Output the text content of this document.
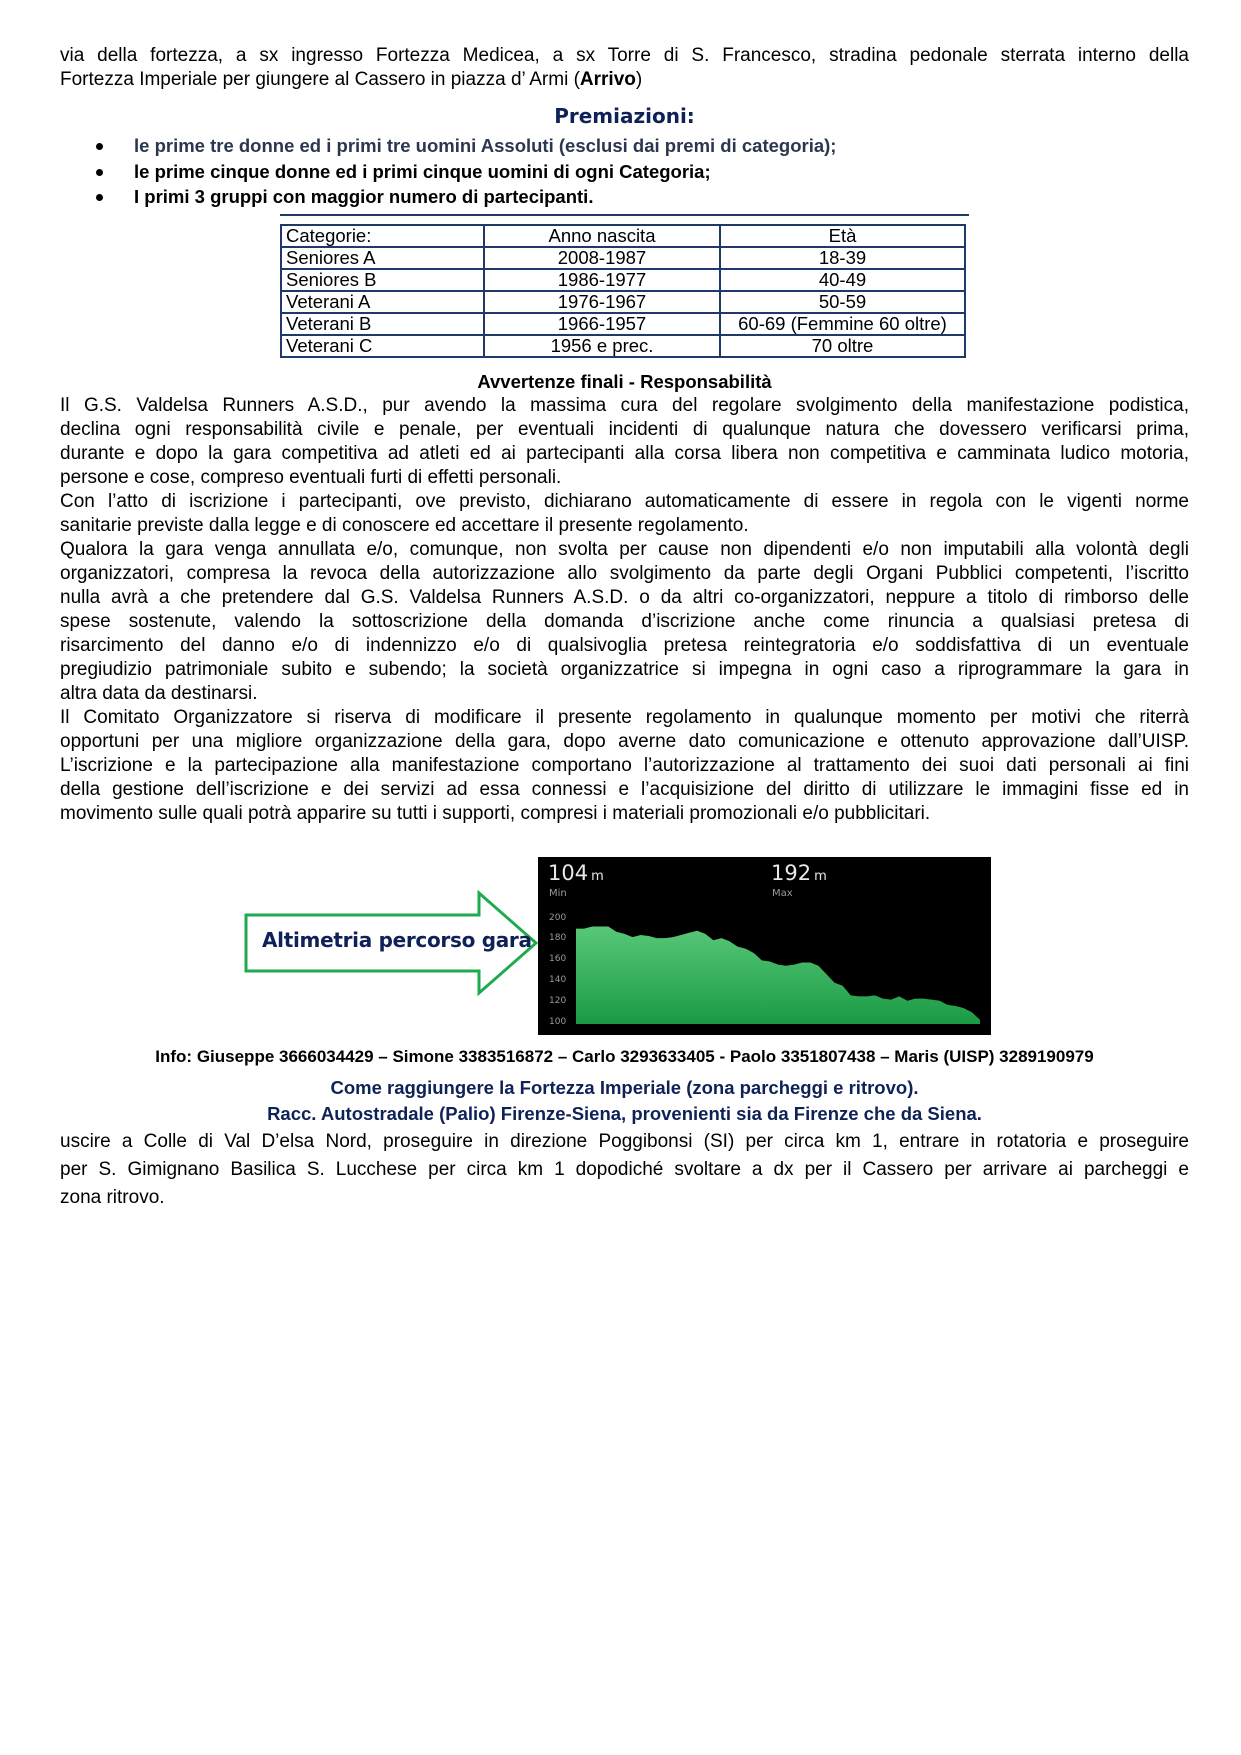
via della fortezza, a sx ingresso Fortezza Medicea, a sx Torre di S. Francesco, stradina pedonale sterrata interno della
Fortezza Imperiale per giungere al Cassero in piazza d’ Armi (Arrivo)
Premiazioni:
le prime tre donne ed i primi tre uomini Assoluti (esclusi dai premi di categoria);
le prime cinque donne ed i primi cinque uomini di ogni Categoria;
I primi 3 gruppi con maggior numero di partecipanti.
Categorie:	Anno nascita	Età
Seniores A	2008-1987	18-39
Seniores B	1986-1977	40-49
Veterani A	1976-1967	50-59
Veterani B	1966-1957	60-69 (Femmine 60 oltre)
Veterani C	1956 e prec.	70 oltre
Avvertenze finali - Responsabilità
Il G.S. Valdelsa Runners A.S.D., pur avendo la massima cura del regolare svolgimento della manifestazione podistica,
declina ogni responsabilità civile e penale, per eventuali incidenti di qualunque natura che dovessero verificarsi prima,
durante e dopo la gara competitiva ad atleti ed ai partecipanti alla corsa libera non competitiva e camminata ludico motoria,
persone e cose, compreso eventuali furti di effetti personali.
Con l’atto di iscrizione i partecipanti, ove previsto, dichiarano automaticamente di essere in regola con le vigenti norme
sanitarie previste dalla legge e di conoscere ed accettare il presente regolamento.
Qualora la gara venga annullata e/o, comunque, non svolta per cause non dipendenti e/o non imputabili alla volontà degli
organizzatori, compresa la revoca della autorizzazione allo svolgimento da parte degli Organi Pubblici competenti, l’iscritto
nulla avrà a che pretendere dal G.S. Valdelsa Runners A.S.D. o da altri co-organizzatori, neppure a titolo di rimborso delle
spese sostenute, valendo la sottoscrizione della domanda d’iscrizione anche come rinuncia a qualsiasi pretesa di
risarcimento del danno e/o di indennizzo e/o di qualsivoglia pretesa reintegratoria e/o soddisfattiva di un eventuale
pregiudizio patrimoniale subito e subendo; la società organizzatrice si impegna in ogni caso a riprogrammare la gara in
altra data da destinarsi.
Il Comitato Organizzatore si riserva di modificare il presente regolamento in qualunque momento per motivi che riterrà
opportuni per una migliore organizzazione della gara, dopo averne dato comunicazione e ottenuto approvazione dall’UISP.
L’iscrizione e la partecipazione alla manifestazione comportano l’autorizzazione al trattamento dei suoi dati personali ai fini
della gestione dell’iscrizione e dei servizi ad essa connessi e l’acquisizione del diritto di utilizzare le immagini fisse ed in
movimento sulle quali potrà apparire su tutti i supporti, compresi i materiali promozionali e/o pubblicitari.
Altimetria percorso gara
104 m
Min
192 m
Max
200
180
160
140
120
100
Info: Giuseppe 3666034429 – Simone 3383516872 – Carlo 3293633405 - Paolo 3351807438 – Maris (UISP) 3289190979
Come raggiungere la Fortezza Imperiale (zona parcheggi e ritrovo).
Racc. Autostradale (Palio) Firenze-Siena, provenienti sia da Firenze che da Siena.
uscire a Colle di Val D’elsa Nord, proseguire in direzione Poggibonsi (SI) per circa km 1, entrare in rotatoria e proseguire
per S. Gimignano Basilica S. Lucchese per circa km 1 dopodiché svoltare a dx per il Cassero per arrivare ai parcheggi e
zona ritrovo.
